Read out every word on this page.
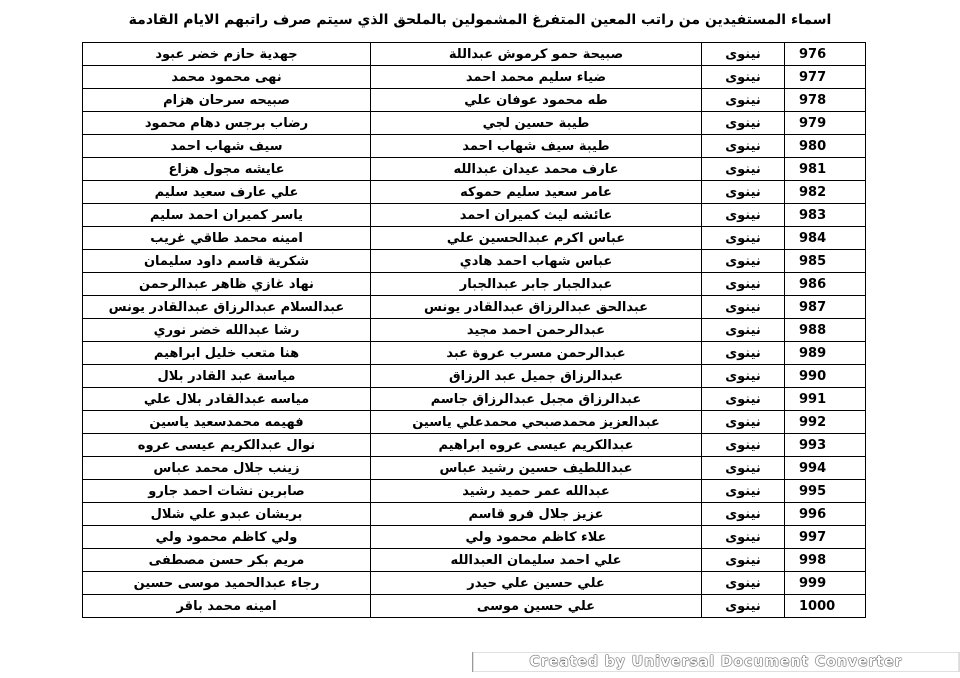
اسماء المستفيدين من راتب المعين المتفرغ المشمولين بالملحق الذي سيتم صرف راتبهم الايام القادمة
976	نينوى	صبيحة حمو كرموش عبداللة	جهدية حازم خضر عبود
977	نينوى	ضياء سليم محمد احمد	نهى محمود محمد
978	نينوى	طه محمود عوفان علي	صبيحه سرحان هزام
979	نينوى	طيبة حسين لجي	رضاب برجس دهام محمود
980	نينوى	طيبة سيف شهاب احمد	سيف شهاب احمد
981	نينوى	عارف محمد عيدان عبدالله	عايشه مجول هزاع
982	نينوى	عامر سعيد سليم حموكه	علي عارف سعيد سليم
983	نينوى	عائشه ليث كميران احمد	ياسر كميران احمد سليم
984	نينوى	عباس اكرم عبدالحسين علي	امينه محمد طاقي غريب
985	نينوى	عباس شهاب احمد هادي	شكرية قاسم داود سليمان
986	نينوى	عبدالجبار جابر عبدالجبار	نهاد غازي ظاهر عبدالرحمن
987	نينوى	عبدالحق عبدالرزاق عبدالقادر يونس	عبدالسلام عبدالرزاق عبدالقادر يونس
988	نينوى	عبدالرحمن احمد مجيد	رشا عبدالله خضر نوري
989	نينوى	عبدالرحمن مسرب عروة عبد	هنا متعب خليل ابراهيم
990	نينوى	عبدالرزاق جميل عبد الرزاق	مياسة عبد القادر بلال
991	نينوى	عبدالرزاق مجبل عبدالرزاق جاسم	مياسه عبدالقادر بلال علي
992	نينوى	عبدالعزيز محمدصبحي محمدعلي ياسين	فهيمه محمدسعيد ياسين
993	نينوى	عبدالكريم عيسى عروه ابراهيم	نوال عبدالكريم عيسى عروه
994	نينوى	عبداللطيف حسين رشيد عباس	زينب جلال محمد عباس
995	نينوى	عبدالله عمر حميد رشيد	صابرين نشات احمد جارو
996	نينوى	عزيز جلال فرو قاسم	بريشان عبدو علي شلال
997	نينوى	علاء كاظم محمود ولي	ولي كاظم محمود ولي
998	نينوى	علي احمد سليمان العبدالله	مريم بكر حسن مصطفى
999	نينوى	علي حسين علي حيدر	رجاء عبدالحميد موسى حسين
1000	نينوى	علي حسين موسى	امينه محمد باقر
Created by Universal Document Converter
